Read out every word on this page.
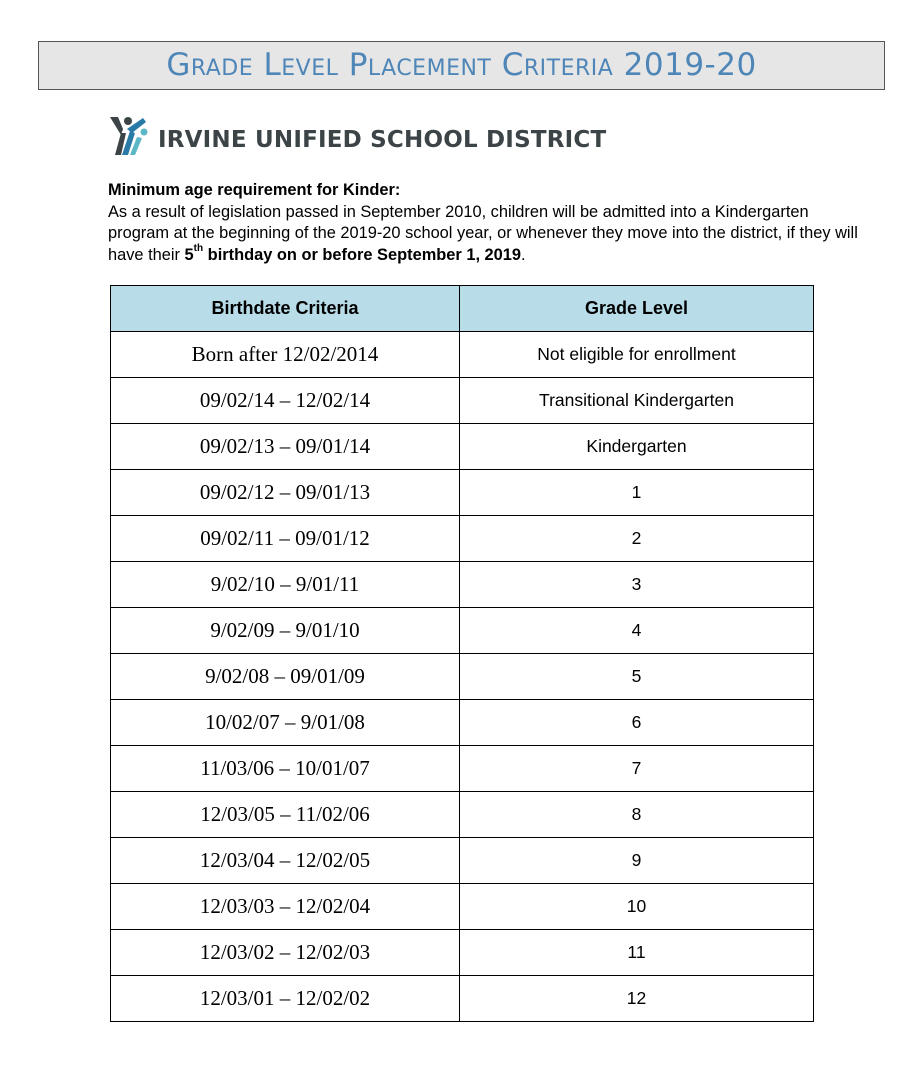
Grade Level Placement Criteria 2019-20
IRVINE UNIFIED SCHOOL DISTRICT
Minimum age requirement for Kinder:
As a result of legislation passed in September 2010, children will be admitted into a Kindergarten program at the beginning of the 2019-20 school year, or whenever they move into the district, if they will have their 5th birthday on or before September 1, 2019.
Birthdate Criteria	Grade Level
Born after 12/02/2014	Not eligible for enrollment
09/02/14 – 12/02/14	Transitional Kindergarten
09/02/13 – 09/01/14	Kindergarten
09/02/12 – 09/01/13	1
09/02/11 – 09/01/12	2
9/02/10 – 9/01/11	3
9/02/09 – 9/01/10	4
9/02/08 – 09/01/09	5
10/02/07 – 9/01/08	6
11/03/06 – 10/01/07	7
12/03/05 – 11/02/06	8
12/03/04 – 12/02/05	9
12/03/03 – 12/02/04	10
12/03/02 – 12/02/03	11
12/03/01 – 12/02/02	12
